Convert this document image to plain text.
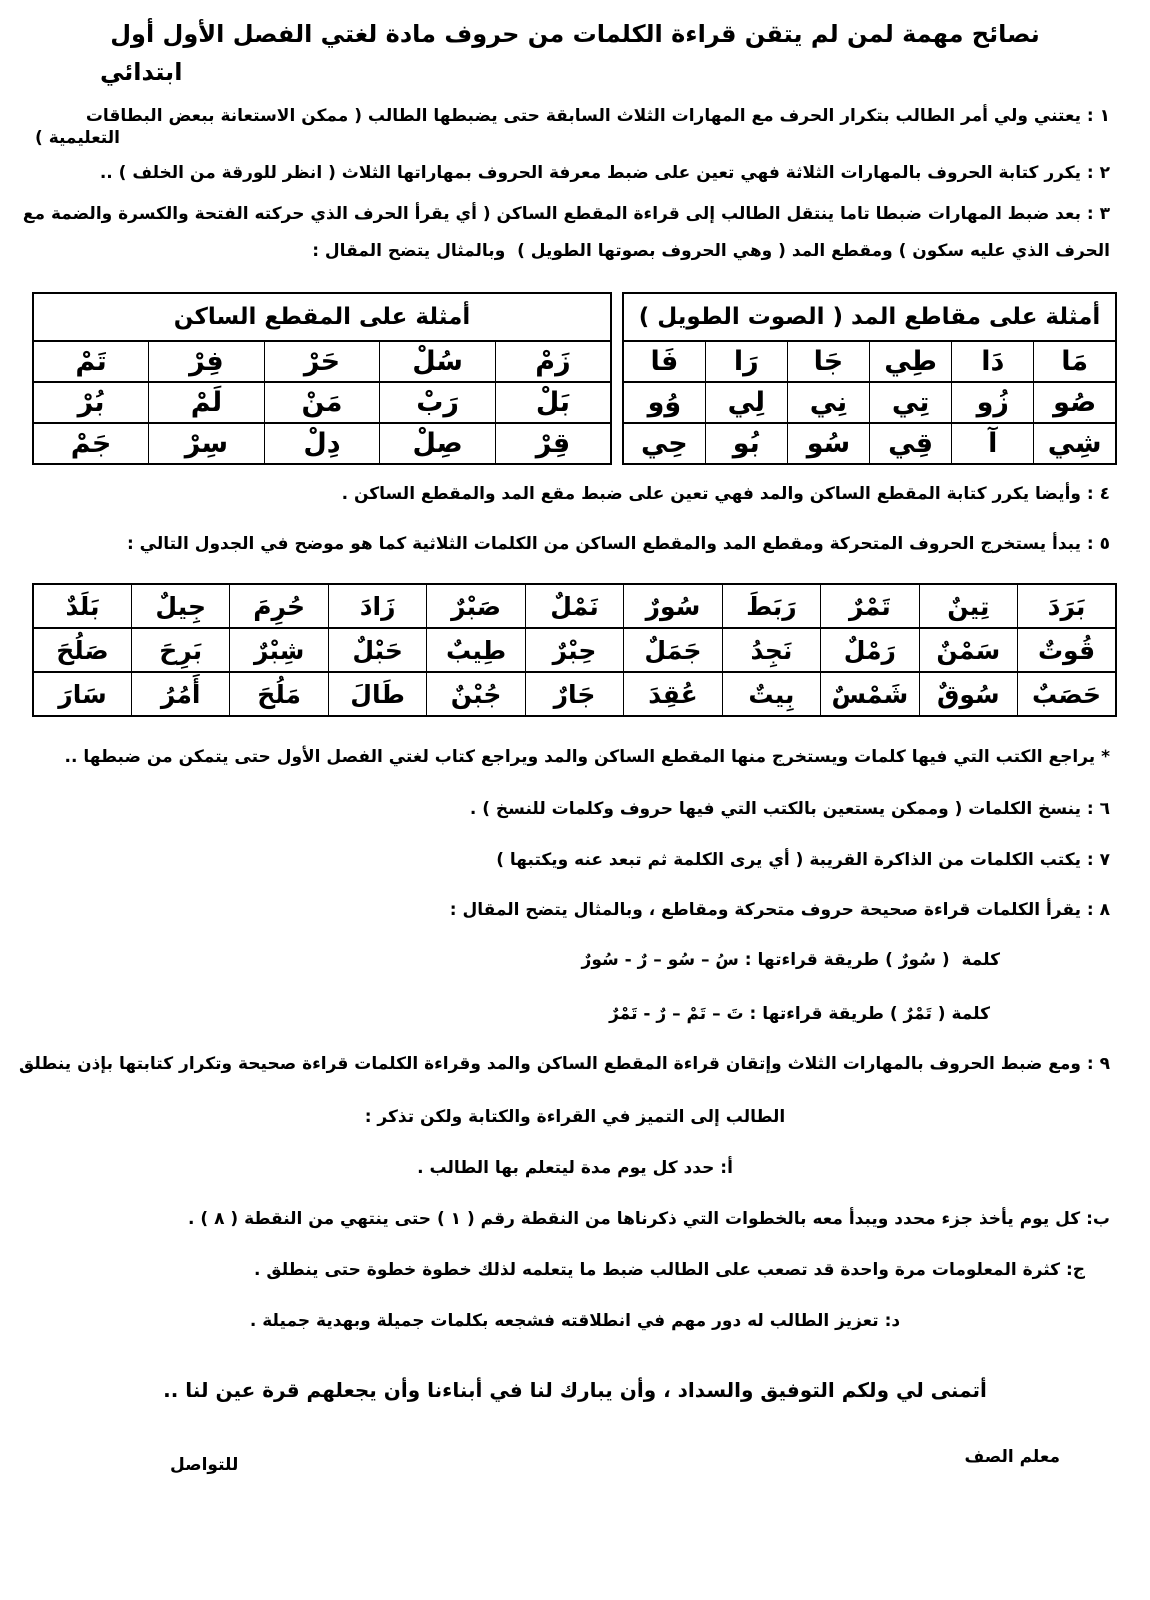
نصائح مهمة لمن لم يتقن قراءة الكلمات من حروف مادة لغتي الفصل الأول أول
ابتدائي
١ : يعتني ولي أمر الطالب بتكرار الحرف مع المهارات الثلاث السابقة حتى يضبطها الطالب ( ممكن الاستعانة ببعض البطاقات
التعليمية )
٢ : يكرر كتابة الحروف بالمهارات الثلاثة فهي تعين على ضبط معرفة الحروف بمهاراتها الثلاث ( انظر للورقة من الخلف ) ..
٣ : بعد ضبط المهارات ضبطا تاما ينتقل الطالب إلى قراءة المقطع الساكن ( أي يقرأ الحرف الذي حركته الفتحة والكسرة والضمة مع
الحرف الذي عليه سكون ) ومقطع المد ( وهي الحروف بصوتها الطويل )  وبالمثال يتضح المقال :
أمثلة على مقاطع المد ( الصوت الطويل )					
مَا	دَا	طِي	جَا	رَا	فَا
صُو	زُو	تِي	نِي	لِي	وُو
شِي	آ	قِي	سُو	بُو	حِي
أمثلة على المقطع الساكن				
زَمْ	سُلْ	حَرْ	فِرْ	تَمْ
بَلْ	رَبْ	مَنْ	لَمْ	بُرْ
قِرْ	صِلْ	دِلْ	سِرْ	جَمْ
٤ : وأيضا يكرر كتابة المقطع الساكن والمد فهي تعين على ضبط مقع المد والمقطع الساكن .
٥ : يبدأ يستخرج الحروف المتحركة ومقطع المد والمقطع الساكن من الكلمات الثلاثية كما هو موضح في الجدول التالي :
بَرَدَ	تِينٌ	تَمْرٌ	رَبَطَ	سُورٌ	نَمْلٌ	صَبْرٌ	زَادَ	حُرِمَ	جِيلٌ	بَلَدٌ
قُوتٌ	سَمْنٌ	رَمْلٌ	نَجِدُ	جَمَلٌ	حِبْرٌ	طِيبٌ	حَبْلٌ	شِبْرٌ	بَرِحَ	صَلُحَ
حَصَبٌ	سُوقٌ	شَمْسٌ	بِيتٌ	عُقِدَ	جَارٌ	جُبْنٌ	طَالَ	مَلُحَ	أَمُرُ	سَارَ
* يراجع الكتب التي فيها كلمات ويستخرج منها المقطع الساكن والمد ويراجع كتاب لغتي الفصل الأول حتى يتمكن من ضبطها ..
٦ : ينسخ الكلمات ( وممكن يستعين بالكتب التي فيها حروف وكلمات للنسخ ) .
٧ : يكتب الكلمات من الذاكرة القريبة ( أي يرى الكلمة ثم تبعد عنه ويكتبها )
٨ : يقرأ الكلمات قراءة صحيحة حروف متحركة ومقاطع ، وبالمثال يتضح المقال :
كلمة  ( سُورٌ ) طريقة قراءتها : سُ – سُو – رٌ - سُورٌ
كلمة ( تَمْرٌ ) طريقة قراءتها : تَ – تَمْ – رٌ - تَمْرٌ
٩ : ومع ضبط الحروف بالمهارات الثلاث وإتقان قراءة المقطع الساكن والمد وقراءة الكلمات قراءة صحيحة وتكرار كتابتها بإذن ينطلق
الطالب إلى التميز في القراءة والكتابة ولكن تذكر :
أ: حدد كل يوم مدة ليتعلم بها الطالب .
ب: كل يوم يأخذ جزء محدد ويبدأ معه بالخطوات التي ذكرناها من النقطة رقم ( ١ ) حتى ينتهي من النقطة ( ٨ ) .
ج: كثرة المعلومات مرة واحدة قد تصعب على الطالب ضبط ما يتعلمه لذلك خطوة خطوة حتى ينطلق .
د: تعزيز الطالب له دور مهم في انطلاقته فشجعه بكلمات جميلة وبهدية جميلة .
أتمنى لي ولكم التوفيق والسداد ، وأن يبارك لنا في أبناءنا وأن يجعلهم قرة عين لنا ..
معلم الصف
للتواصل
